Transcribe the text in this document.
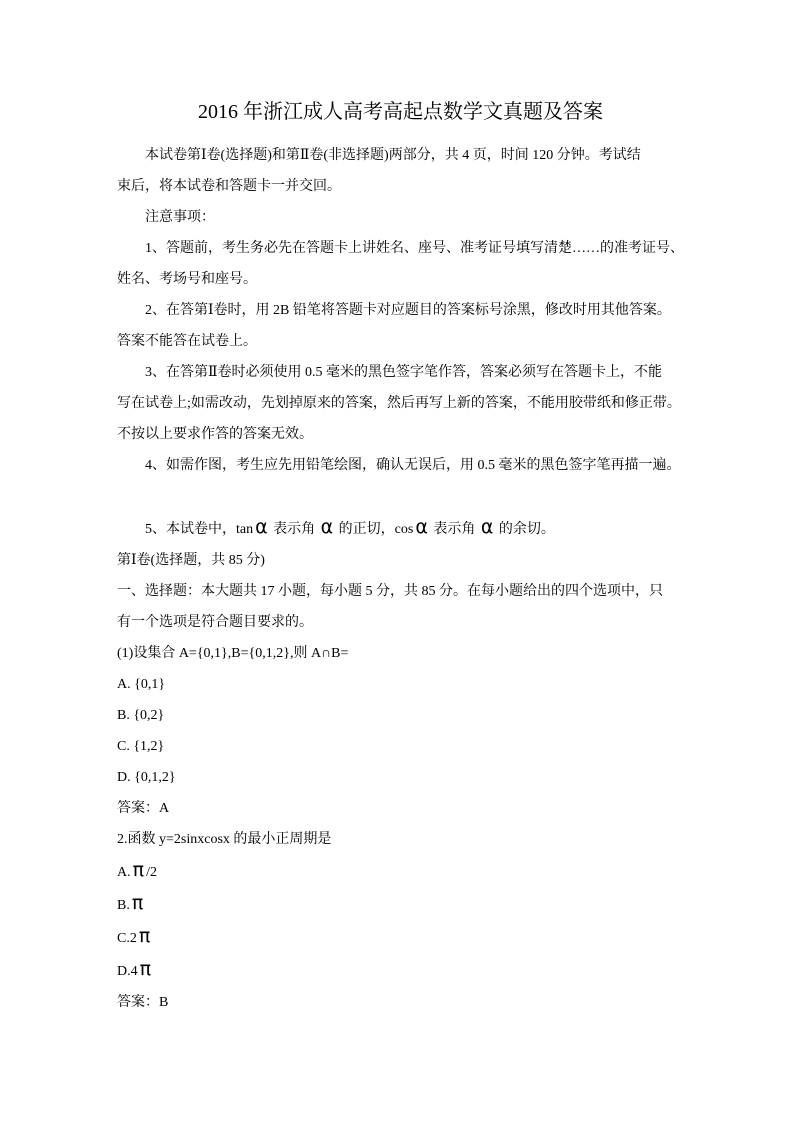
2016 年浙江成人高考高起点数学文真题及答案

本试卷第Ⅰ卷(选择题)和第Ⅱ卷(非选择题)两部分，共 4 页，时间 120 分钟。考试结

束后，将本试卷和答题卡一并交回。

注意事项：

1、答题前，考生务必先在答题卡上讲姓名、座号、准考证号填写清楚……的准考证号、

姓名、考场号和座号。

2、在答第Ⅰ卷时，用 2B 铅笔将答题卡对应题目的答案标号涂黑，修改时用其他答案。

答案不能答在试卷上。

3、在答第Ⅱ卷时必须使用 0.5 毫米的黑色签字笔作答，答案必须写在答题卡上，不能

写在试卷上;如需改动，先划掉原来的答案，然后再写上新的答案，不能用胶带纸和修正带。

不按以上要求作答的答案无效。

4、如需作图，考生应先用铅笔绘图，确认无误后，用 0.5 毫米的黑色签字笔再描一遍。

5、本试卷中，tan α 表示角 α 的正切，cos α 表示角 α 的余切。

第Ⅰ卷(选择题，共 85 分)

一、选择题：本大题共 17 小题，每小题 5 分，共 85 分。在每小题给出的四个选项中，只

有一个选项是符合题目要求的。

(1)设集合 A={0,1},B={0,1,2},则 A∩B=

A. {0,1}

B. {0,2}

C. {1,2}

D. {0,1,2}

答案：A

2.函数 y=2sinxcosx 的最小正周期是

A. π /2

B. π

C.2 π

D.4 π

答案：B
